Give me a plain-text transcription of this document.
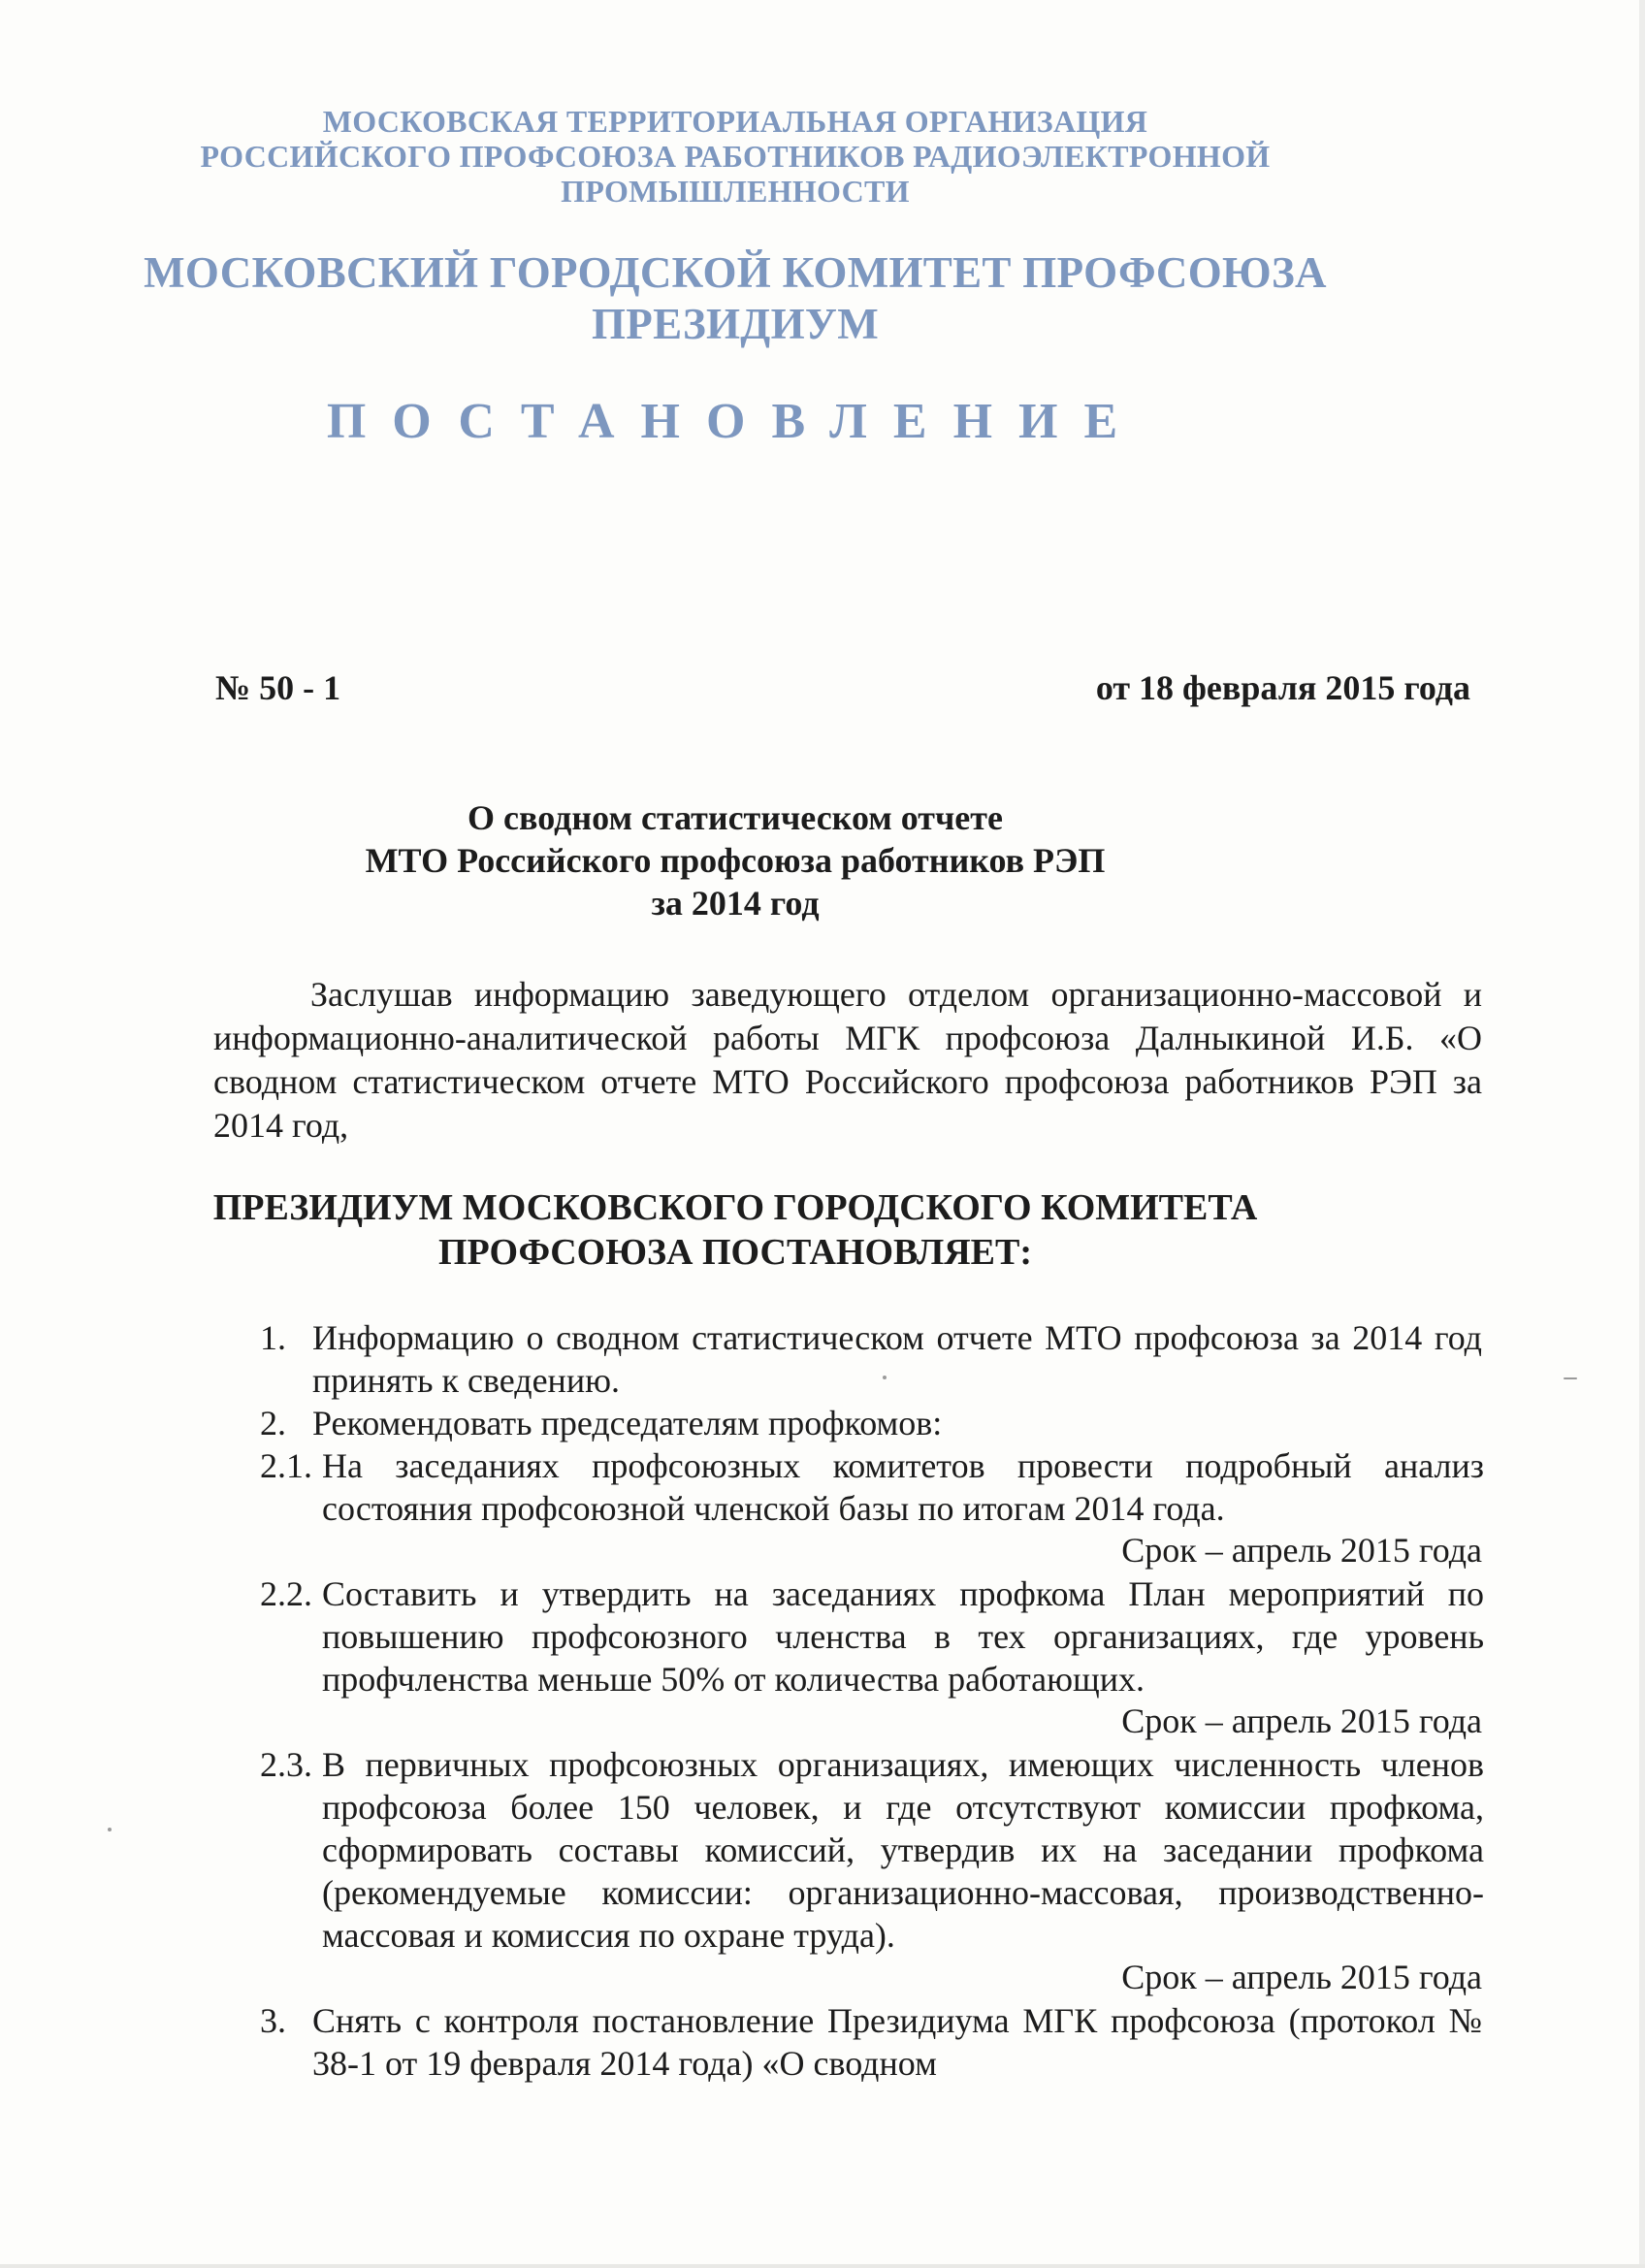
МОСКОВСКАЯ ТЕРРИТОРИАЛЬНАЯ ОРГАНИЗАЦИЯ
РОССИЙСКОГО ПРОФСОЮЗА РАБОТНИКОВ РАДИОЭЛЕКТРОННОЙ
ПРОМЫШЛЕННОСТИ
МОСКОВСКИЙ ГОРОДСКОЙ КОМИТЕТ ПРОФСОЮЗА
ПРЕЗИДИУМ
ПОСТАНОВЛЕНИЕ
№ 50 - 1	от 18 февраля 2015 года
О сводном статистическом отчете
МТО Российского профсоюза работников РЭП
за 2014 год
Заслушав информацию заведующего отделом организационно-массовой и информационно-аналитической работы МГК профсоюза Далныкиной И.Б. «О сводном статистическом отчете МТО Российского профсоюза работников РЭП за 2014 год,
ПРЕЗИДИУМ МОСКОВСКОГО ГОРОДСКОГО КОМИТЕТА
ПРОФСОЮЗА ПОСТАНОВЛЯЕТ:
1. Информацию о сводном статистическом отчете МТО профсоюза за 2014 год принять к сведению.
2. Рекомендовать председателям профкомов:
2.1. На заседаниях профсоюзных комитетов провести подробный анализ состояния профсоюзной членской базы по итогам 2014 года.
Срок – апрель 2015 года
2.2. Составить и утвердить на заседаниях профкома План мероприятий по повышению профсоюзного членства в тех организациях, где уровень профчленства меньше 50% от количества работающих.
Срок – апрель 2015 года
2.3. В первичных профсоюзных организациях, имеющих численность членов профсоюза более 150 человек, и где отсутствуют комиссии профкома, сформировать составы комиссий, утвердив их на заседании профкома (рекомендуемые комиссии: организационно-массовая, производственно-массовая и комиссия по охране труда).
Срок – апрель 2015 года
3. Снять с контроля постановление Президиума МГК профсоюза (протокол № 38-1 от 19 февраля 2014 года) «О сводном
